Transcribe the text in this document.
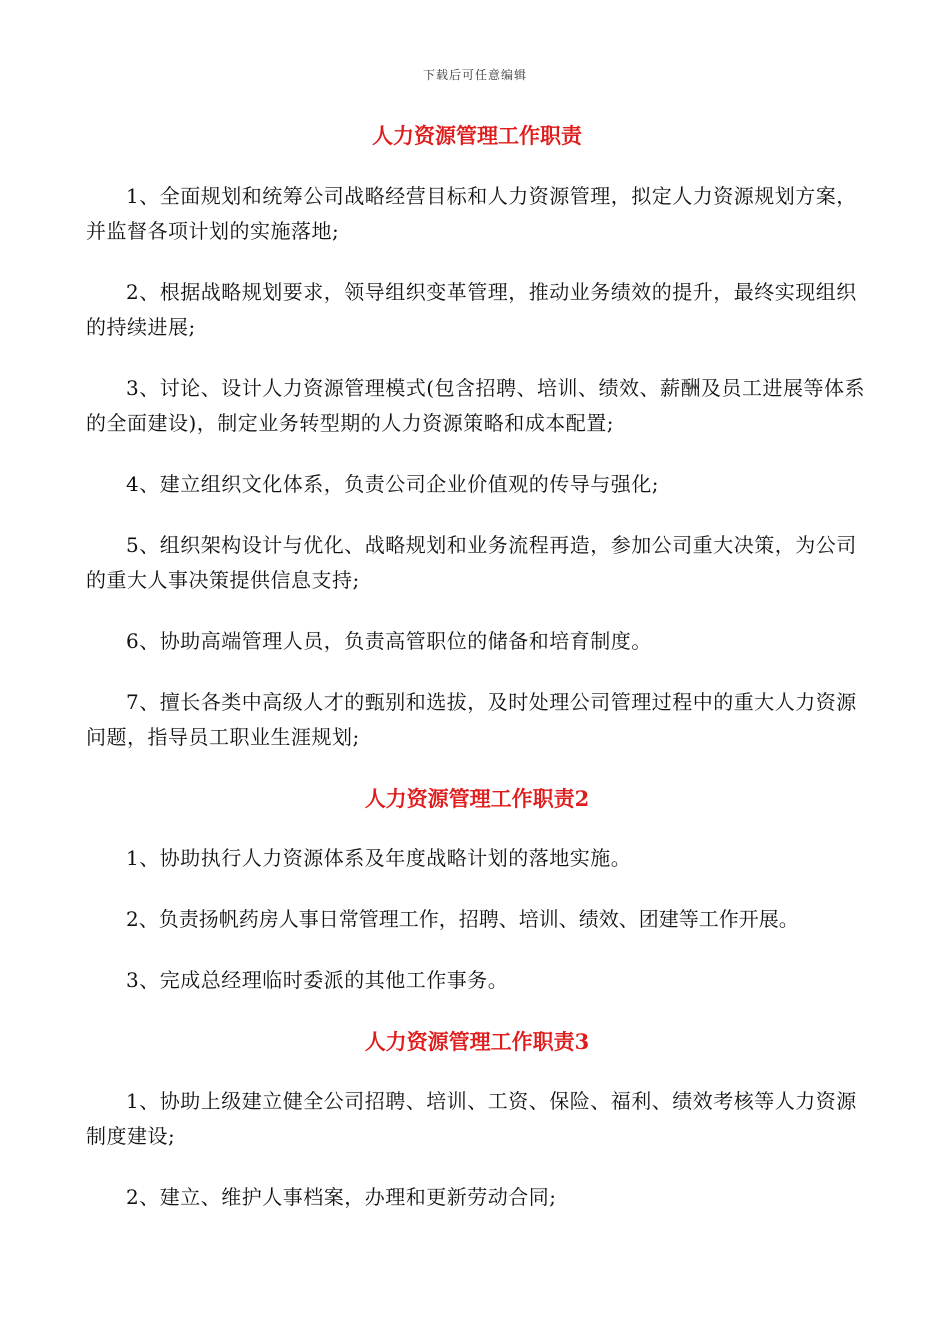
下载后可任意编辑
人力资源管理工作职责

1、全面规划和统筹公司战略经营目标和人力资源管理，拟定人力资源规划方案，并监督各项计划的实施落地;

2、根据战略规划要求，领导组织变革管理，推动业务绩效的提升，最终实现组织的持续进展;

3、讨论、设计人力资源管理模式(包含招聘、培训、绩效、薪酬及员工进展等体系的全面建设)，制定业务转型期的人力资源策略和成本配置;

4、建立组织文化体系，负责公司企业价值观的传导与强化;

5、组织架构设计与优化、战略规划和业务流程再造，参加公司重大决策，为公司的重大人事决策提供信息支持;

6、协助高端管理人员，负责高管职位的储备和培育制度。

7、擅长各类中高级人才的甄别和选拔，及时处理公司管理过程中的重大人力资源问题，指导员工职业生涯规划;

人力资源管理工作职责2

1、协助执行人力资源体系及年度战略计划的落地实施。

2、负责扬帆药房人事日常管理工作，招聘、培训、绩效、团建等工作开展。

3、完成总经理临时委派的其他工作事务。

人力资源管理工作职责3

1、协助上级建立健全公司招聘、培训、工资、保险、福利、绩效考核等人力资源制度建设;

2、建立、维护人事档案，办理和更新劳动合同;
